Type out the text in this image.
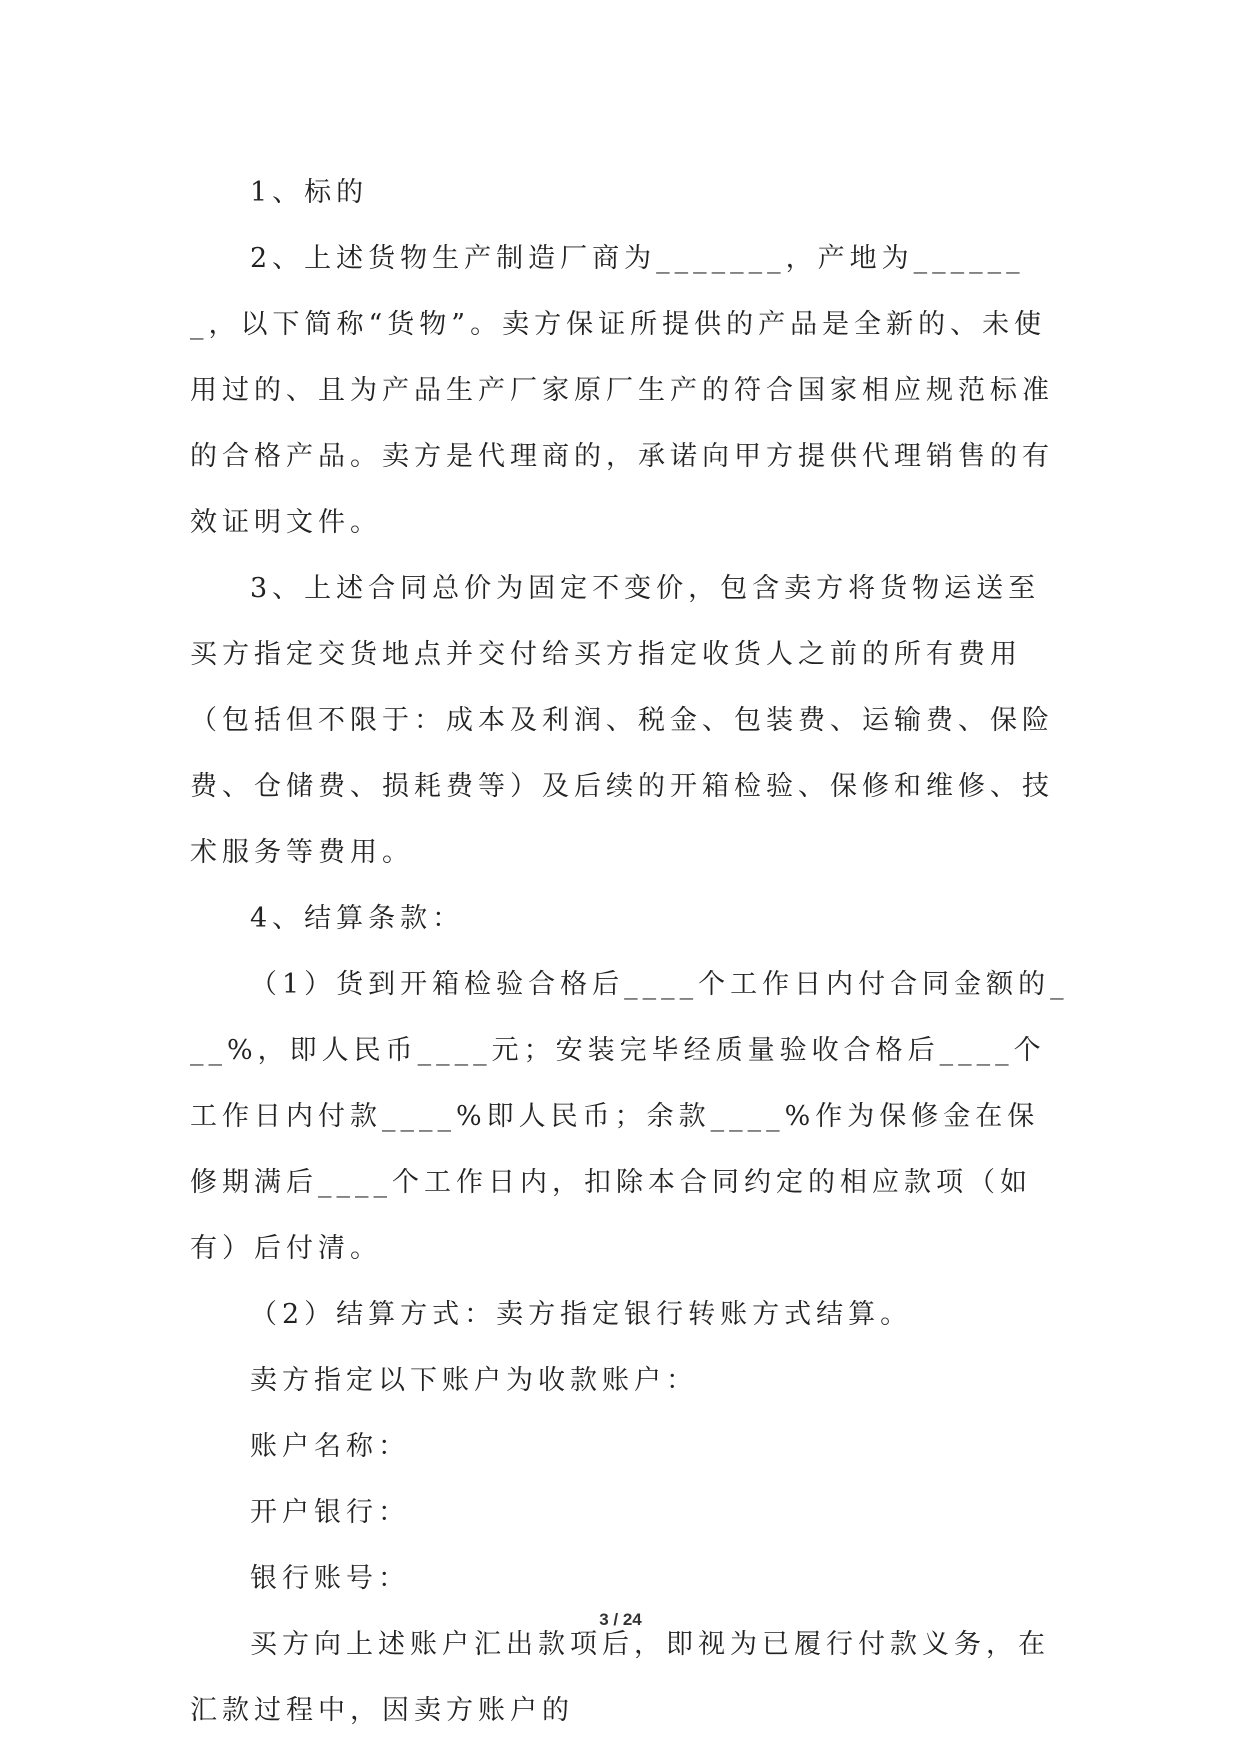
1、标的

2、上述货物生产制造厂商为_______，产地为_______，以下简称“货物”。卖方保证所提供的产品是全新的、未使用过的、且为产品生产厂家原厂生产的符合国家相应规范标准的合格产品。卖方是代理商的，承诺向甲方提供代理销售的有效证明文件。

3、上述合同总价为固定不变价，包含卖方将货物运送至买方指定交货地点并交付给买方指定收货人之前的所有费用（包括但不限于：成本及利润、税金、包装费、运输费、保险费、仓储费、损耗费等）及后续的开箱检验、保修和维修、技术服务等费用。

4、结算条款：

（1）货到开箱检验合格后____个工作日内付合同金额的___%，即人民币____元；安装完毕经质量验收合格后____个工作日内付款____%即人民币；余款____%作为保修金在保修期满后____个工作日内，扣除本合同约定的相应款项（如有）后付清。

（2）结算方式：卖方指定银行转账方式结算。

卖方指定以下账户为收款账户：

账户名称：

开户银行：

银行账号：

买方向上述账户汇出款项后，即视为已履行付款义务，在汇款过程中，因卖方账户的

3 / 24
